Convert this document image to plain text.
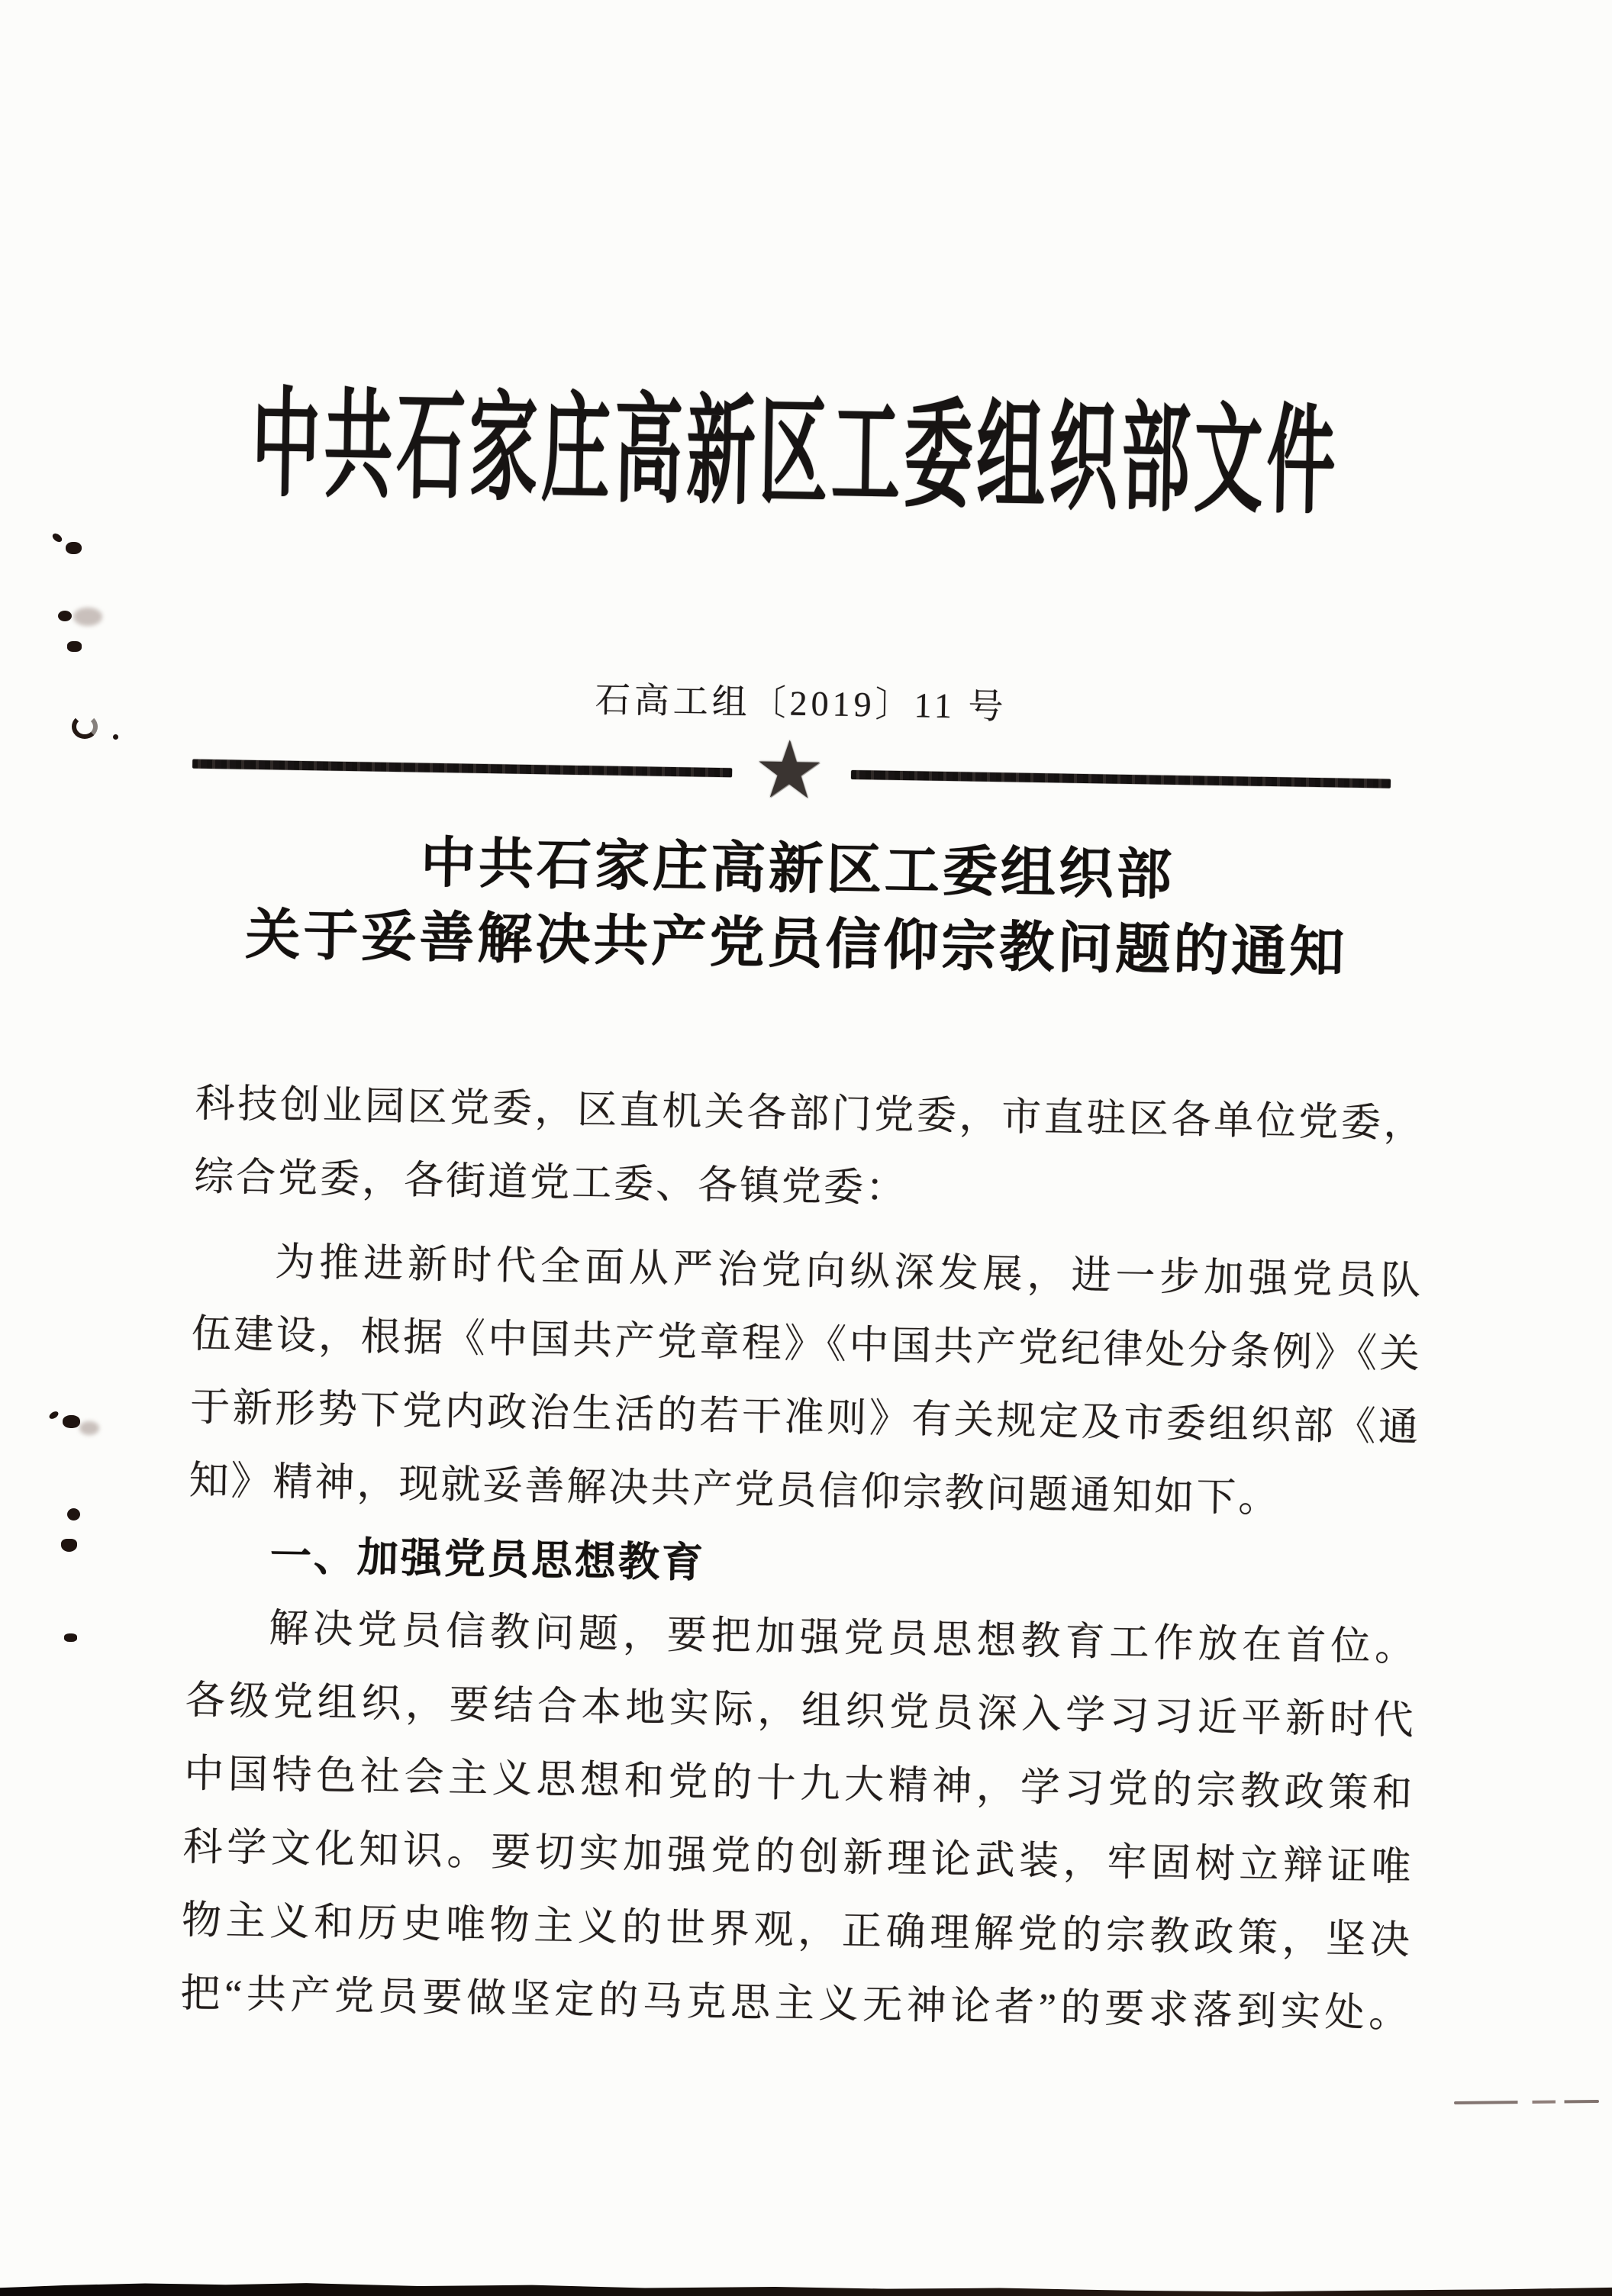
中共石家庄高新区工委组织部文件
石高工组〔2019〕11 号
★
中共石家庄高新区工委组织部
关于妥善解决共产党员信仰宗教问题的通知
科技创业园区党委，区直机关各部门党委，市直驻区各单位党委，
综合党委，各街道党工委、各镇党委：
为推进新时代全面从严治党向纵深发展，进一步加强党员队
伍建设，根据《中国共产党章程》《中国共产党纪律处分条例》《关
于新形势下党内政治生活的若干准则》有关规定及市委组织部《通
知》精神，现就妥善解决共产党员信仰宗教问题通知如下。
一、加强党员思想教育
解决党员信教问题，要把加强党员思想教育工作放在首位。
各级党组织，要结合本地实际，组织党员深入学习习近平新时代
中国特色社会主义思想和党的十九大精神，学习党的宗教政策和
科学文化知识。要切实加强党的创新理论武装，牢固树立辩证唯
物主义和历史唯物主义的世界观，正确理解党的宗教政策，坚决
把“共产党员要做坚定的马克思主义无神论者”的要求落到实处。
